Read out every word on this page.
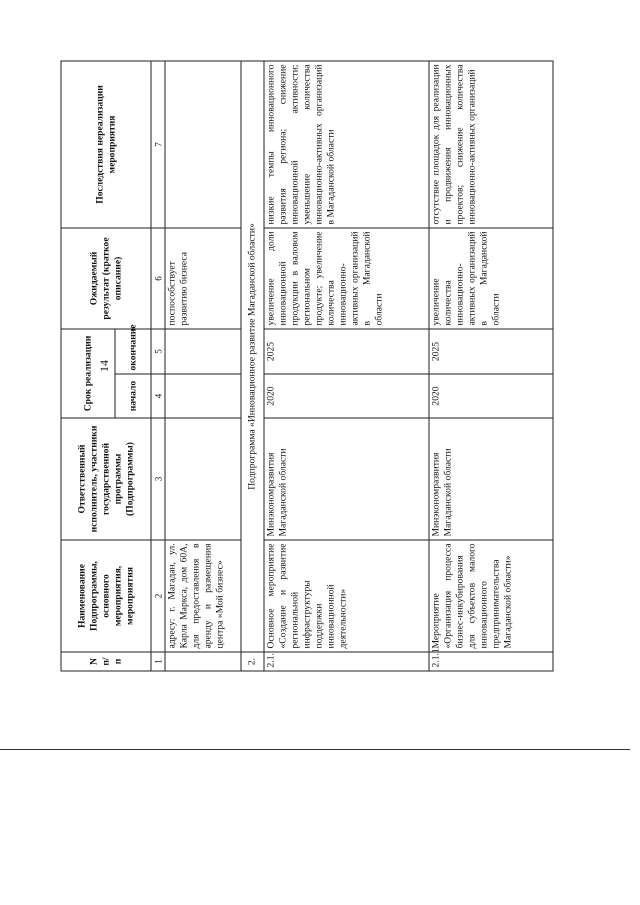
14
N п/п	Наименование Подпрограммы, основного мероприятия, мероприятия	Ответственный исполнитель, участники государственной программы (Подпрограммы)	Срок реализации		Ожидаемый результат (краткое описание)	Последствия нереализации мероприятия
			начало	окончание		
1	2	3	4	5	6	7
	адресу: г. Магадан, ул. Карла Маркса, дом 60А, для предоставления в аренду и размещения центра «Мой бизнес»				поспособствует развитию бизнеса	
2.	Подпрограмма «Инновационное развитие Магаданской области»					
2.1.	Основное мероприятие «Создание и развитие региональной инфраструктуры поддержки инновационной деятельности»	Минэкономразвития Магаданской области	2020	2025	увеличение доли инновационной продукции в валовом региональном продукте; увеличение количества инновационно-активных организаций в Магаданской области	низкие темпы инновационного развития региона; снижение инновационной активности; уменьшение количества инновационно-активных организаций в Магаданской области
2.1.1.	Мероприятие «Организация процесса бизнес-инкубирования для субъектов малого инновационного предпринимательства Магаданской области»	Минэкономразвития Магаданской области	2020	2025	увеличение количества инновационно-активных организаций в Магаданской области	отсутствие площадок для реализации и продвижения инновационных проектов; снижение количества инновационно-активных организаций
